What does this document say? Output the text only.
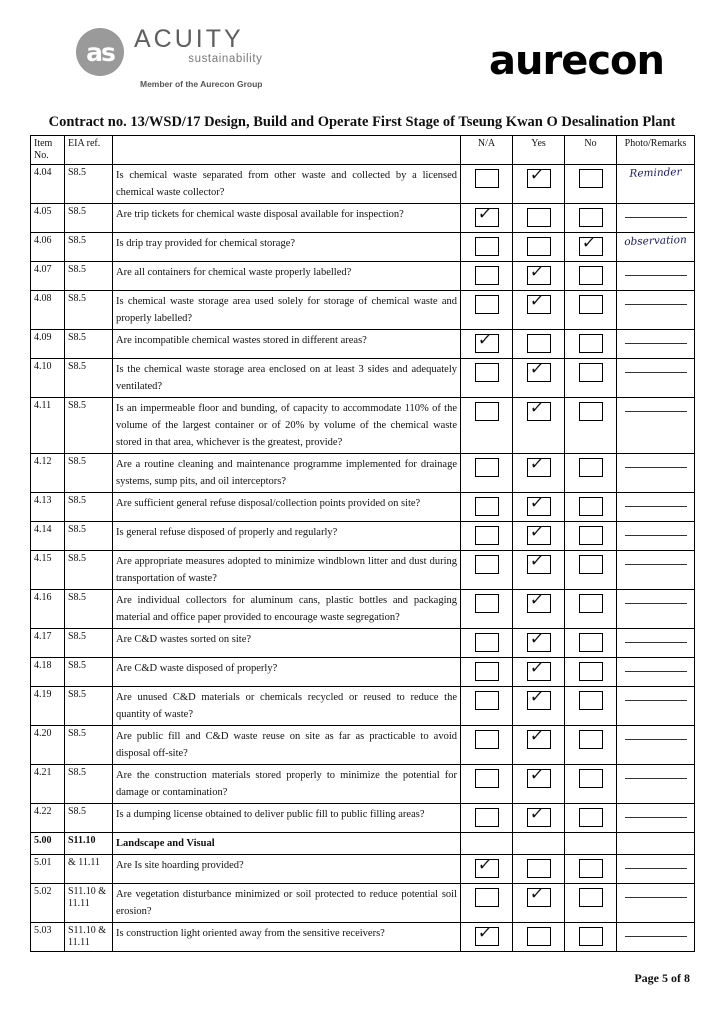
as ACUITY
sustainability
Member of the Aurecon Group	aurecon
Contract no. 13/WSD/17 Design, Build and Operate First Stage of Tseung Kwan O Desalination Plant
Item
No.	EIA ref.		N/A	Yes	No	Photo/Remarks
4.04	S8.5	Is chemical waste separated from other waste and collected by a licensed chemical waste collector?		✓		Reminder

4.05	S8.5	Are trip tickets for chemical waste disposal available for inspection?	✓			

4.06	S8.5	Is drip tray provided for chemical storage?			✓	observation

4.07	S8.5	Are all containers for chemical waste properly labelled?		✓		

4.08	S8.5	Is chemical waste storage area used solely for storage of chemical waste and properly labelled?		✓		

4.09	S8.5	Are incompatible chemical wastes stored in different areas?	✓			

4.10	S8.5	Is the chemical waste storage area enclosed on at least 3 sides and adequately ventilated?		✓		

4.11	S8.5	Is an impermeable floor and bunding, of capacity to accommodate 110% of the volume of the largest container or of 20% by volume of the chemical waste stored in that area, whichever is the greatest, provide?		✓		

4.12	S8.5	Are a routine cleaning and maintenance programme implemented for drainage systems, sump pits, and oil interceptors?		✓		

4.13	S8.5	Are sufficient general refuse disposal/collection points provided on site?		✓		

4.14	S8.5	Is general refuse disposed of properly and regularly?		✓		

4.15	S8.5	Are appropriate measures adopted to minimize windblown litter and dust during transportation of waste?		✓		

4.16	S8.5	Are individual collectors for aluminum cans, plastic bottles and packaging material and office paper provided to encourage waste segregation?		✓		

4.17	S8.5	Are C&D wastes sorted on site?		✓		

4.18	S8.5	Are C&D waste disposed of properly?		✓		

4.19	S8.5	Are unused C&D materials or chemicals recycled or reused to reduce the quantity of waste?		✓		

4.20	S8.5	Are public fill and C&D waste reuse on site as far as practicable to avoid disposal off-site?		✓		

4.21	S8.5	Are the construction materials stored properly to minimize the potential for damage or contamination?		✓		

4.22	S8.5	Is a dumping license obtained to deliver public fill to public filling areas?		✓		

5.00	S11.10	Landscape and Visual				
5.01	& 11.11	Are Is site hoarding provided?	✓			

5.02	S11.10 & 11.11	Are vegetation disturbance minimized or soil protected to reduce potential soil erosion?		✓		

5.03	S11.10 & 11.11	Is construction light oriented away from the sensitive receivers?	✓			

Page 5 of 8
